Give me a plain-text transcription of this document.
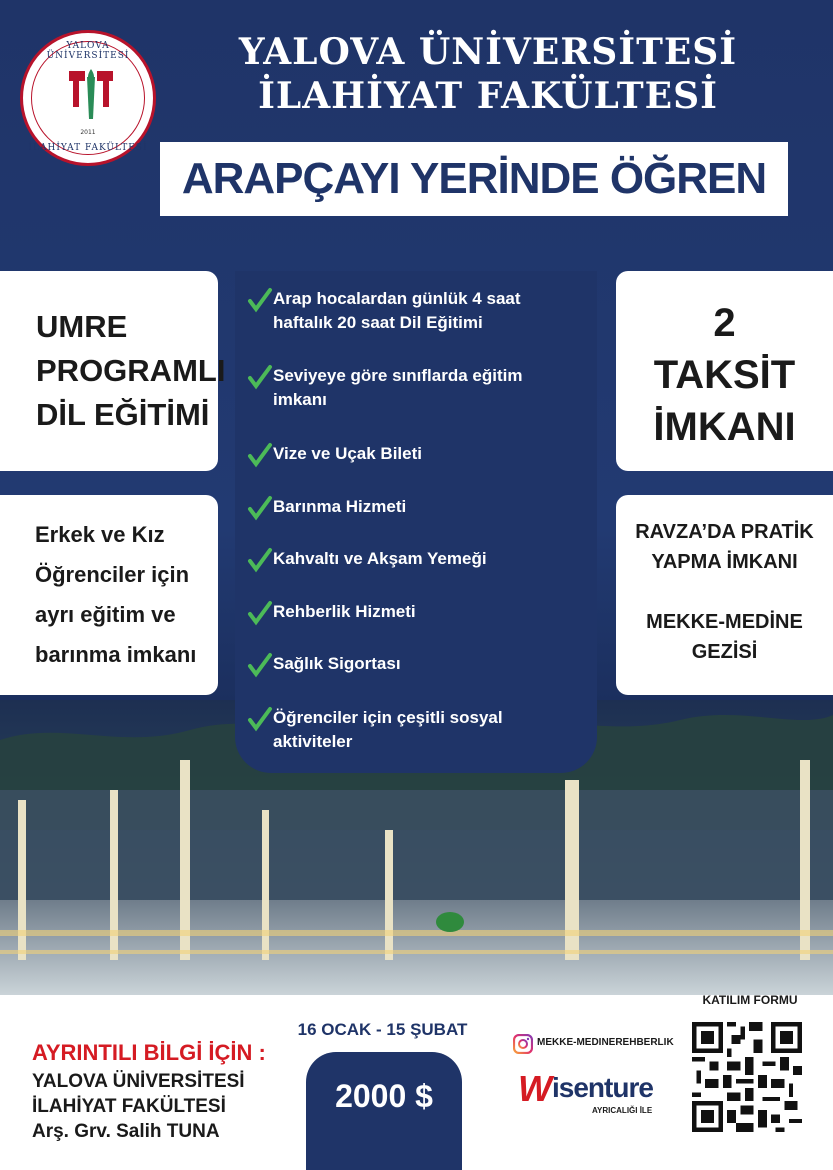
YALOVA ÜNİVERSİTESİ
2011
İLAHİYAT FAKÜLTESİ
YALOVA ÜNİVERSİTESİ
İLAHİYAT FAKÜLTESİ
ARAPÇAYI YERİNDE ÖĞREN
UMRE
PROGRAMLI
DİL EĞİTİMİ
Erkek ve Kız
Öğrenciler için
ayrı eğitim ve
barınma imkanı
2
TAKSİT
İMKANI
RAVZA’DA PRATİK
YAPMA İMKANI
MEKKE-MEDİNE
GEZİSİ
Arap hocalardan günlük 4 saat
haftalık 20 saat Dil Eğitimi
Seviyeye göre sınıflarda eğitim
imkanı
Vize ve Uçak Bileti
Barınma Hizmeti
Kahvaltı ve Akşam Yemeği
Rehberlik Hizmeti
Sağlık Sigortası
Öğrenciler için çeşitli sosyal
aktiviteler
AYRINTILI BİLGİ İÇİN :
YALOVA ÜNİVERSİTESİ
İLAHİYAT FAKÜLTESİ
Arş. Grv. Salih TUNA
16 OCAK - 15 ŞUBAT
2000 $
MEKKE-MEDINEREHBERLIK
W isenture
AYRICALIĞI İLE
KATILIM FORMU
